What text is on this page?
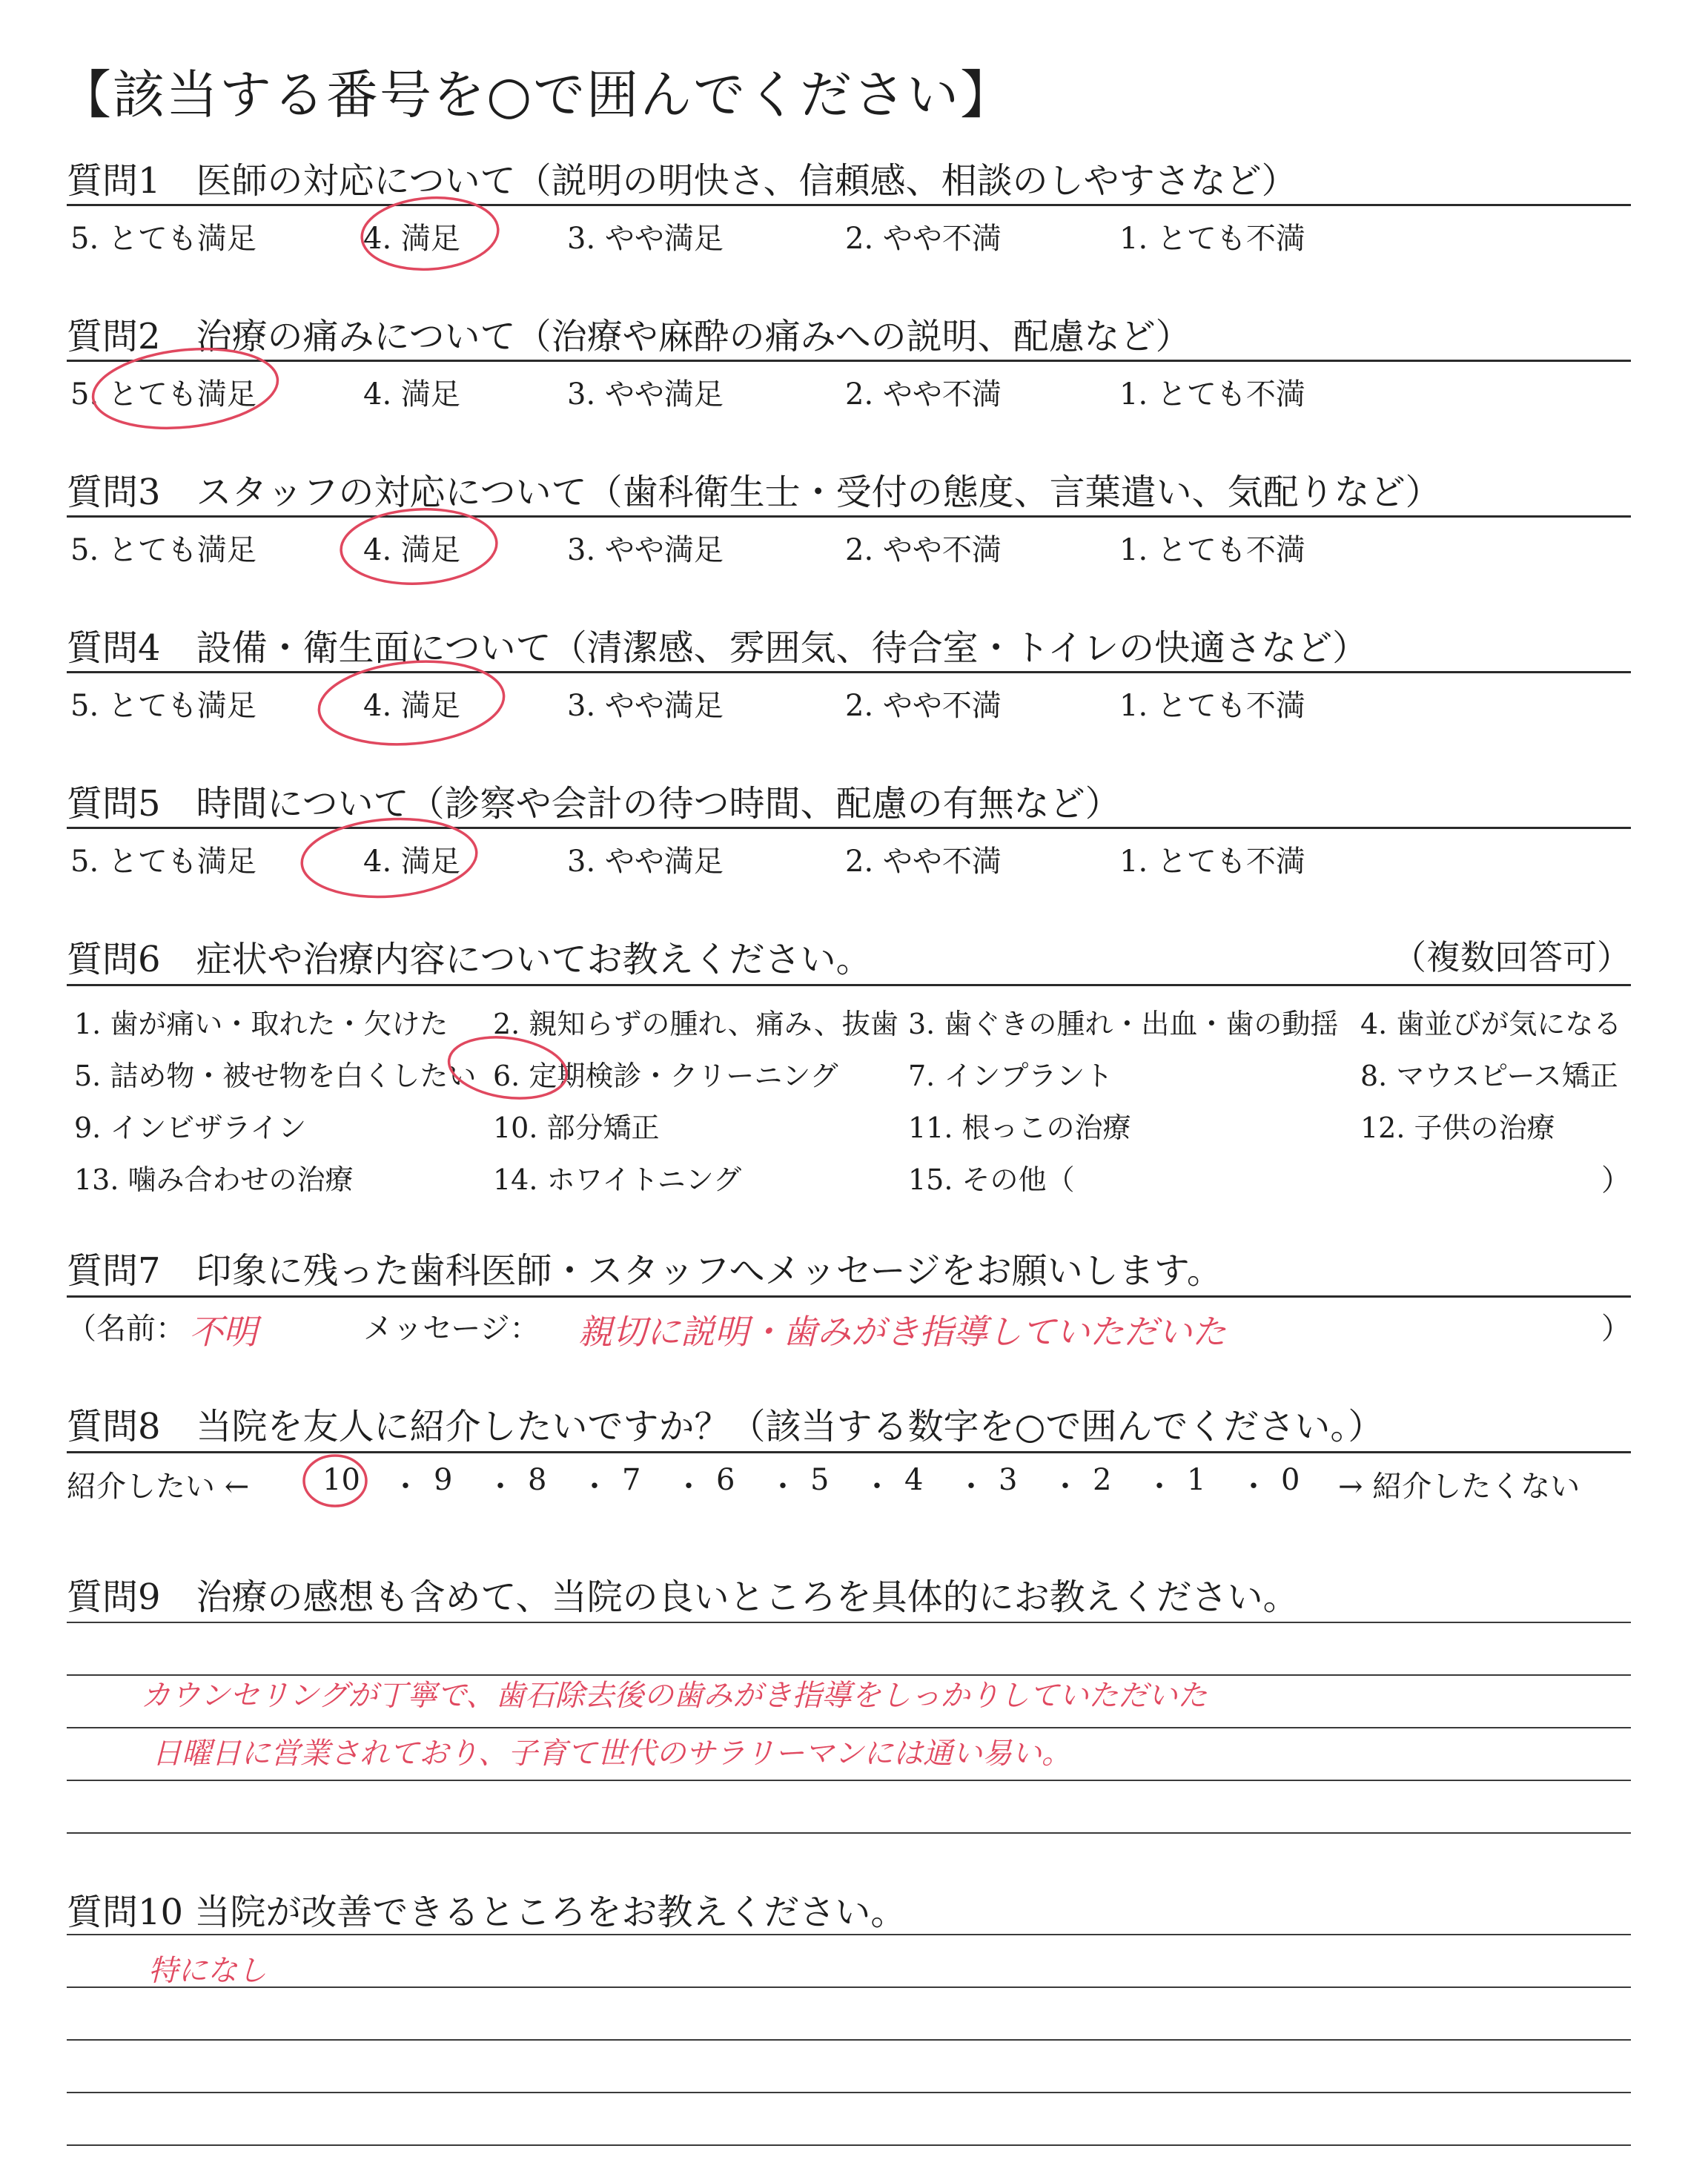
【該当する番号を○で囲んでください】
質問1　医師の対応について（説明の明快さ、信頼感、相談のしやすさなど）
5. とても満足	4. 満足	3. やや満足	2. やや不満	1. とても不満
質問2　治療の痛みについて（治療や麻酔の痛みへの説明、配慮など）
5. とても満足	4. 満足	3. やや満足	2. やや不満	1. とても不満
質問3　スタッフの対応について（歯科衛生士・受付の態度、言葉遣い、気配りなど）
5. とても満足	4. 満足	3. やや満足	2. やや不満	1. とても不満
質問4　設備・衛生面について（清潔感、雰囲気、待合室・トイレの快適さなど）
5. とても満足	4. 満足	3. やや満足	2. やや不満	1. とても不満
質問5　時間について（診察や会計の待つ時間、配慮の有無など）
5. とても満足	4. 満足	3. やや満足	2. やや不満	1. とても不満
質問6　症状や治療内容についてお教えください。	（複数回答可）
1. 歯が痛い・取れた・欠けた 2. 親知らずの腫れ、痛み、抜歯 3. 歯ぐきの腫れ・出血・歯の動揺 4. 歯並びが気になる
5. 詰め物・被せ物を白くしたい 6. 定期検診・クリーニング 7. インプラント	8. マウスピース矯正
9. インビザライン	10. 部分矯正	11. 根っこの治療	12. 子供の治療
13. 噛み合わせの治療	14. ホワイトニング	15. その他（	）
質問7　印象に残った歯科医師・スタッフへメッセージをお願いします。
（名前： 不明	メッセージ： 親切に説明・歯みがき指導していただいた	）
質問8　当院を友人に紹介したいですか？（該当する数字を○で囲んでください。）
紹介したい ← 10 ・ 9 ・ 8 ・ 7 ・ 6 ・ 5 ・ 4 ・ 3 ・ 2 ・ 1 ・ 0 → 紹介したくない
質問9　治療の感想も含めて、当院の良いところを具体的にお教えください。
カウンセリングが丁寧で、歯石除去後の歯みがき指導をしっかりしていただいた
日曜日に営業されており、子育て世代のサラリーマンには通い易い。
質問10 当院が改善できるところをお教えください。
特になし
